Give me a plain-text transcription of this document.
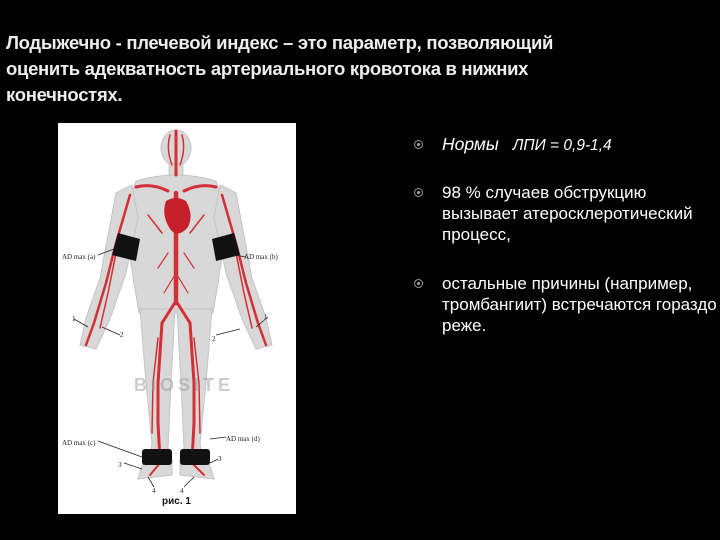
Лодыжечно - плечевой индекс – это параметр, позволяющий оценить адекватность артериального кровотока в нижних конечностях.
AD max (a)	AD max (b)
AD max (c)	AD max (d)
1	1
2	2
3
3
4	4
BIOSITE
рис. 1
Нормы ЛПИ = 0,9-1,4
98 % случаев обструкцию вызывает атеросклеротический процесс,
остальные причины (например, тромбангиит) встречаются гораздо реже.
